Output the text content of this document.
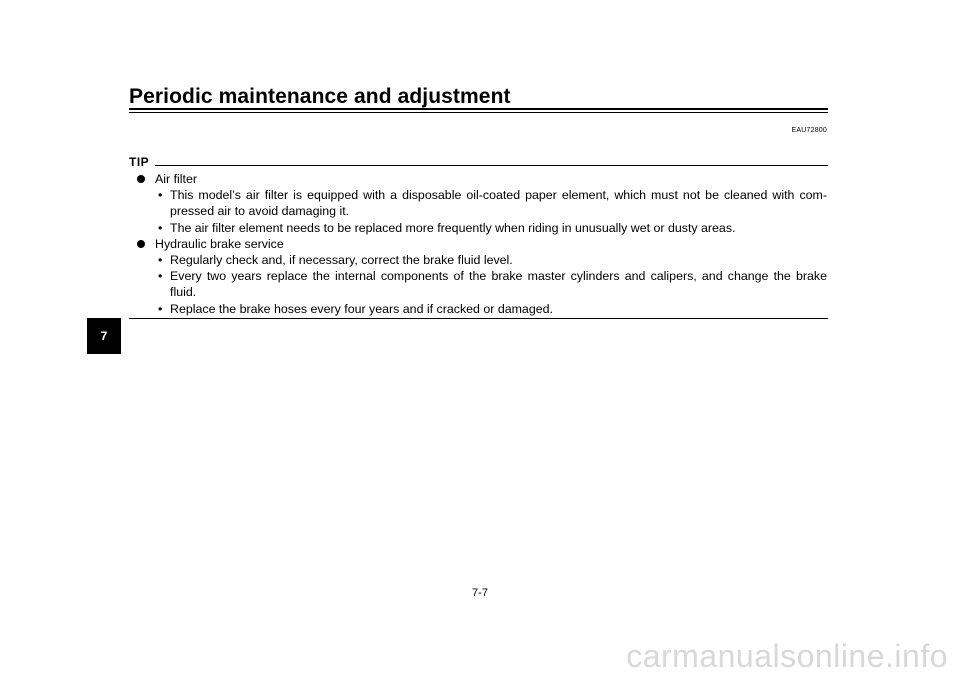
Periodic maintenance and adjustment
EAU72800
TIP
Air filter
• This model’s air filter is equipped with a disposable oil-coated paper element, which must not be cleaned with com-pressed air to avoid damaging it.
• The air filter element needs to be replaced more frequently when riding in unusually wet or dusty areas.
Hydraulic brake service
• Regularly check and, if necessary, correct the brake fluid level.
• Every two years replace the internal components of the brake master cylinders and calipers, and change the brake fluid.
• Replace the brake hoses every four years and if cracked or damaged.
7
7-7
carmanualsonline.info
